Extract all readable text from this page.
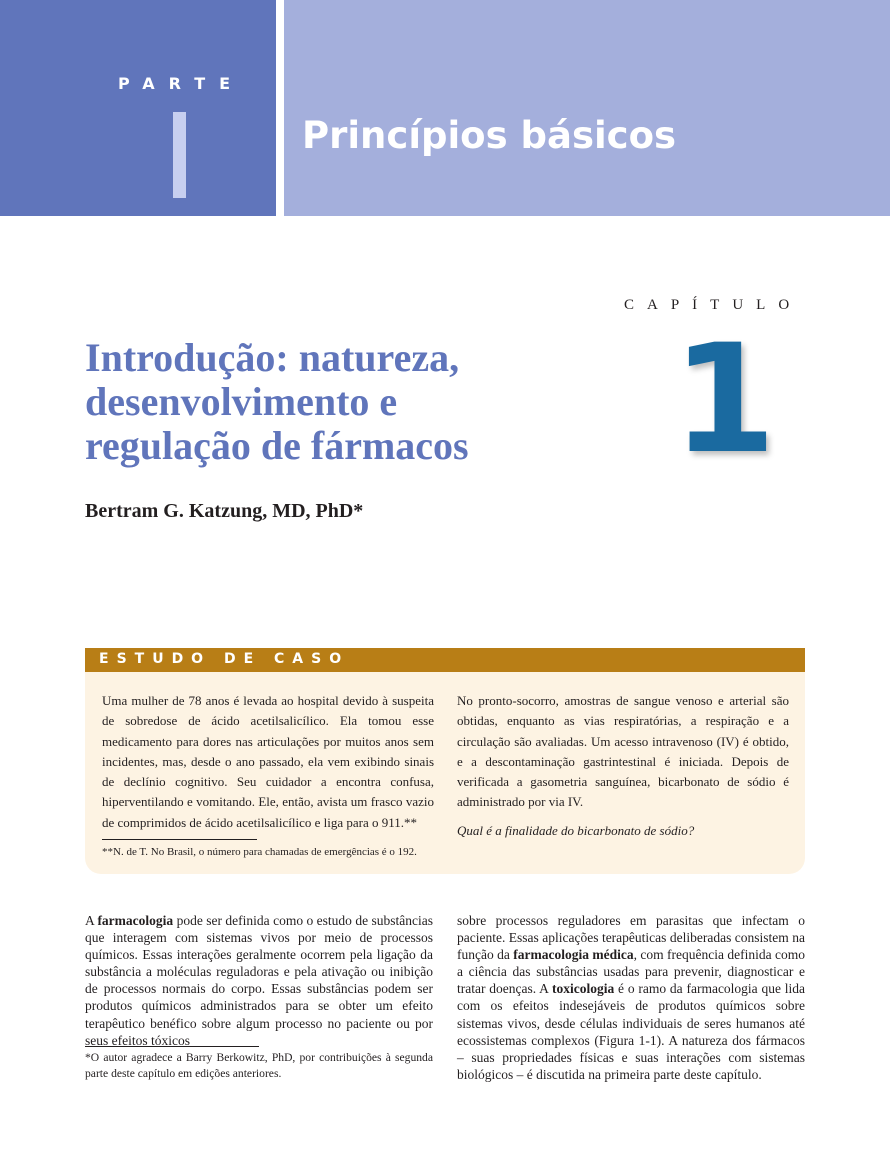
PARTE
Princípios básicos
CAPÍTULO
1
Introdução: natureza,
desenvolvimento e
regulação de fármacos
Bertram G. Katzung, MD, PhD*
ESTUDO DE CASO
Uma mulher de 78 anos é levada ao hospital devido à suspeita de sobredose de ácido acetilsalicílico. Ela tomou esse medicamento para dores nas articulações por muitos anos sem incidentes, mas, desde o ano passado, ela vem exibindo sinais de declínio cognitivo. Seu cuidador a encontra confusa, hiperventilando e vomitando. Ele, então, avista um frasco vazio de comprimidos de ácido acetilsalicílico e liga para o 911.**
No pronto-socorro, amostras de sangue venoso e arterial são obtidas, enquanto as vias respiratórias, a respiração e a circulação são avaliadas. Um acesso intravenoso (IV) é obtido, e a descontaminação gastrintestinal é iniciada. Depois de verificada a gasometria sanguínea, bicarbonato de sódio é administrado por via IV.
Qual é a finalidade do bicarbonato de sódio?
**N. de T. No Brasil, o número para chamadas de emergências é o 192.
A farmacologia pode ser definida como o estudo de substâncias que interagem com sistemas vivos por meio de processos químicos. Essas interações geralmente ocorrem pela ligação da substância a moléculas reguladoras e pela ativação ou inibição de processos normais do corpo. Essas substâncias podem ser produtos químicos administrados para se obter um efeito terapêutico benéfico sobre algum processo no paciente ou por seus efeitos tóxicos
sobre processos reguladores em parasitas que infectam o paciente. Essas aplicações terapêuticas deliberadas consistem na função da farmacologia médica, com frequência definida como a ciência das substâncias usadas para prevenir, diagnosticar e tratar doenças. A toxicologia é o ramo da farmacologia que lida com os efeitos indesejáveis de produtos químicos sobre sistemas vivos, desde células individuais de seres humanos até ecossistemas complexos (Figura 1-1). A natureza dos fármacos – suas propriedades físicas e suas interações com sistemas biológicos – é discutida na primeira parte deste capítulo.
*O autor agradece a Barry Berkowitz, PhD, por contribuições à segunda parte deste capítulo em edições anteriores.
